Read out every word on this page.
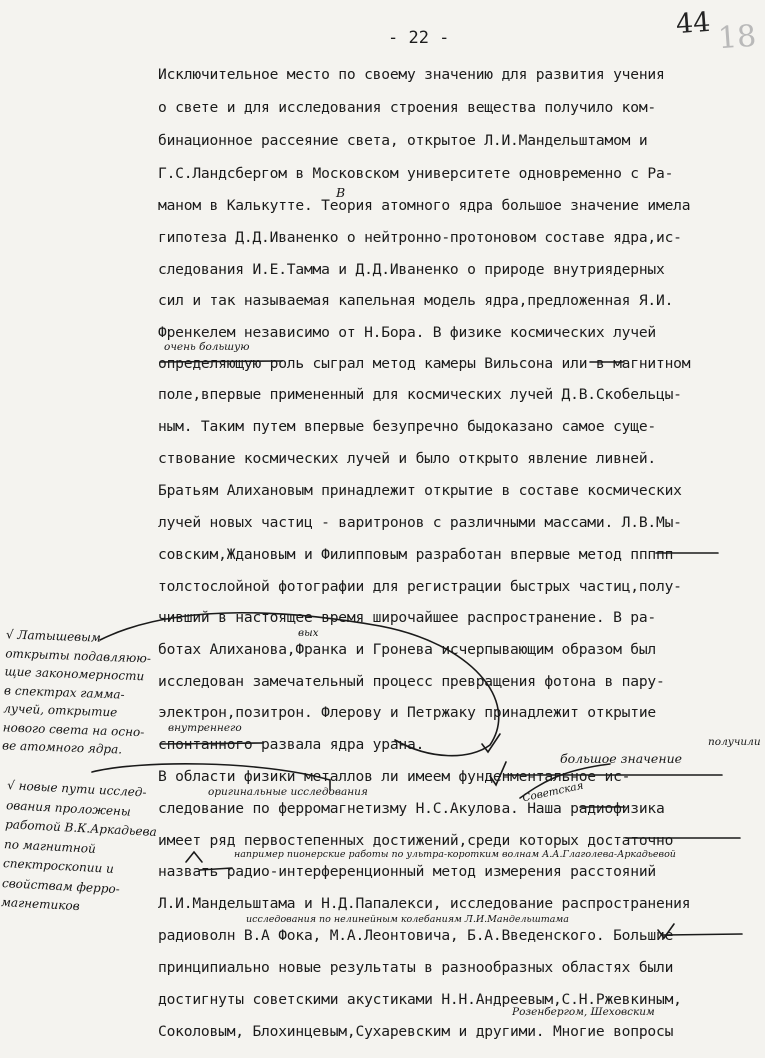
- 22 -	18
44
Исключительное место по своему значению для развития учения
о свете и для исследования строения вещества получило ком-
бинационное рассеяние света, открытое Л.И.Мандельштамом и
Г.С.Ландсбергом в Московском университете одновременно с Ра-
маном в Калькутте. Теория атомного ядра большое значение имела
гипотеза Д.Д.Иваненко о нейтронно-протоновом составе ядра,ис-
следования И.Е.Тамма и Д.Д.Иваненко о природе внутриядерных
сил и так называемая капельная модель ядра,предложенная Я.И.
Френкелем независимо от Н.Бора. В физике космических лучей
определяющую роль сыграл метод камеры Вильсона или в магнитном
поле,впервые примененный для космических лучей Д.В.Скобельцы-
ным. Таким путем впервые безупречно быдоказано самое суще-
ствование космических лучей и было открыто явление ливней.
Братьям Алихановым принадлежит открытие в составе космических
лучей новых частиц - варитронов с различными массами. Л.В.Мы-
совским,Ждановым и Филипповым разработан впервые метод ппппп
толстослойной фотографии для регистрации быстрых частиц,полу-
чивший в настоящее время широчайшее распространение. В ра-
ботах Алиханова,Франка и Гронева исчерпывающим образом был
исследован замечательный процесс превращения фотона в пару-
электрон,позитрон. Флерову и Петржаку принадлежит открытие
спонтанного развала ядра урана.
В области физики металлов ли имеем фунденментальное ис-
следование по ферромагнетизму Н.С.Акулова. Наша радиофизика
имеет ряд первостепенных достижений,среди которых достаточно
назвать радио-интерференционный метод измерения расстояний
Л.И.Мандельштама и Н.Д.Папалекси, исследование распространения
радиоволн В.А Фока, М.А.Леонтовича, Б.А.Введенского. Большие
принципиально новые результаты в разнообразных областях были
достигнуты советскими акустиками Н.Н.Андреевым,С.Н.Ржевкиным,
Соколовым, Блохинцевым,Сухаревским и другими. Многие вопросы
В
очень большую
вых
внутреннего
получили
большое значение
Советская
оригинальные исследования
например пионерские работы по ультра-коротким волнам А.А.Глаголева-Аркадьевой
исследования по нелинейным колебаниям Л.И.Мандельштама
Розенбергом, Шеховским
√ Латышевым
открыты подавляюю-
щие закономерности
в спектрах гамма-
лучей, открытие
нового света на осно-
ве атомного ядра.
√ новые пути исслед-
ования проложены
работой В.К.Аркадьева
по магнитной
спектроскопии и
свойствам ферро-
магнетиков
